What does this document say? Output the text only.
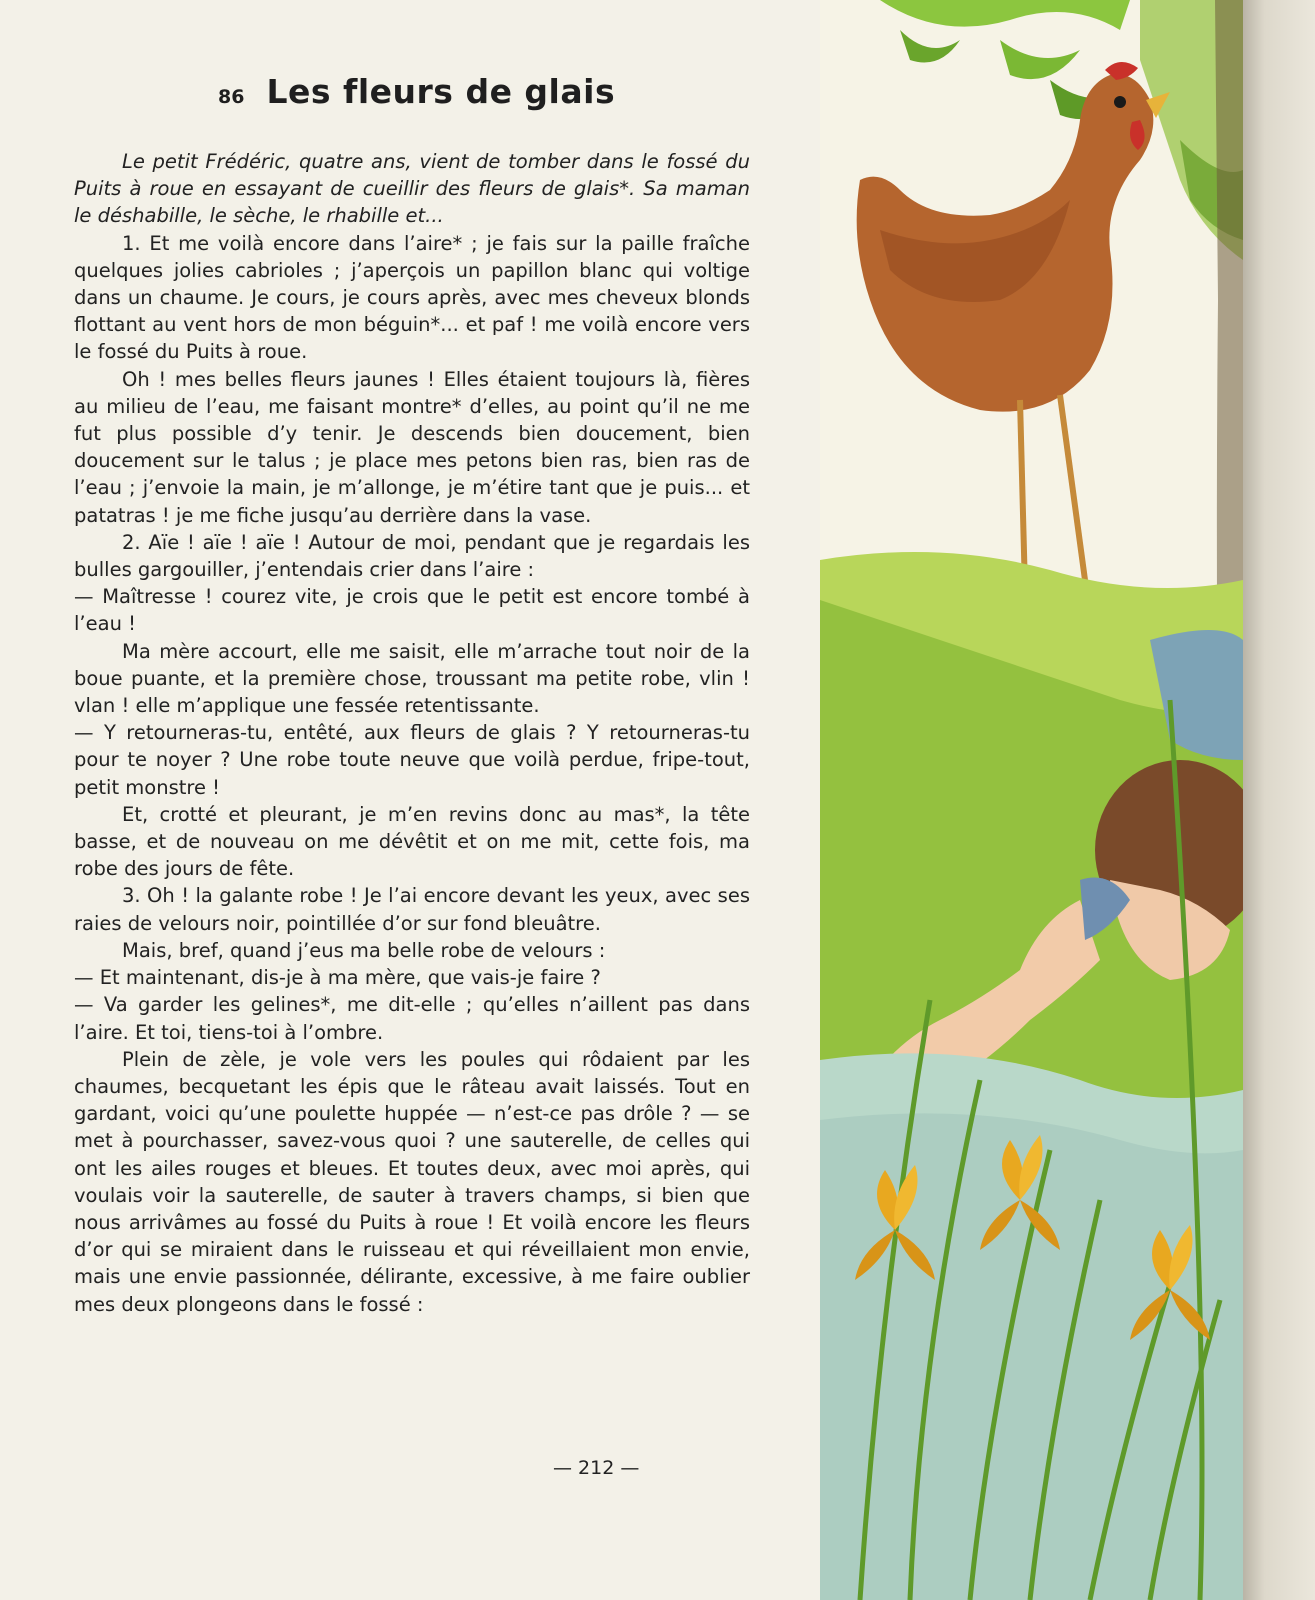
86 Les fleurs de glais

Le petit Frédéric, quatre ans, vient de tomber dans le fossé du Puits à roue en essayant de cueillir des fleurs de glais*. Sa maman le déshabille, le sèche, le rhabille et...

1. Et me voilà encore dans l’aire* ; je fais sur la paille fraîche quelques jolies cabrioles ; j’aperçois un papillon blanc qui voltige dans un chaume. Je cours, je cours après, avec mes cheveux blonds flottant au vent hors de mon béguin*... et paf ! me voilà encore vers le fossé du Puits à roue.

Oh ! mes belles fleurs jaunes ! Elles étaient toujours là, fières au milieu de l’eau, me faisant montre* d’elles, au point qu’il ne me fut plus possible d’y tenir. Je descends bien doucement, bien doucement sur le talus ; je place mes petons bien ras, bien ras de l’eau ; j’envoie la main, je m’allonge, je m’étire tant que je puis... et patatras ! je me fiche jusqu’au derrière dans la vase.

2. Aïe ! aïe ! aïe ! Autour de moi, pendant que je regardais les bulles gargouiller, j’entendais crier dans l’aire :

— Maîtresse ! courez vite, je crois que le petit est encore tombé à l’eau !

Ma mère accourt, elle me saisit, elle m’arrache tout noir de la boue puante, et la première chose, troussant ma petite robe, vlin ! vlan ! elle m’applique une fessée retentissante.

— Y retourneras-tu, entêté, aux fleurs de glais ? Y retourneras-tu pour te noyer ? Une robe toute neuve que voilà perdue, fripe-tout, petit monstre !

Et, crotté et pleurant, je m’en revins donc au mas*, la tête basse, et de nouveau on me dévêtit et on me mit, cette fois, ma robe des jours de fête.

3. Oh ! la galante robe ! Je l’ai encore devant les yeux, avec ses raies de velours noir, pointillée d’or sur fond bleuâtre.

Mais, bref, quand j’eus ma belle robe de velours :

— Et maintenant, dis-je à ma mère, que vais-je faire ?

— Va garder les gelines*, me dit-elle ; qu’elles n’aillent pas dans l’aire. Et toi, tiens-toi à l’ombre.

Plein de zèle, je vole vers les poules qui rôdaient par les chaumes, becquetant les épis que le râteau avait laissés. Tout en gardant, voici qu’une poulette huppée — n’est-ce pas drôle ? — se met à pourchasser, savez-vous quoi ? une sauterelle, de celles qui ont les ailes rouges et bleues. Et toutes deux, avec moi après, qui voulais voir la sauterelle, de sauter à travers champs, si bien que nous arrivâmes au fossé du Puits à roue ! Et voilà encore les fleurs d’or qui se miraient dans le ruisseau et qui réveillaient mon envie, mais une envie passionnée, délirante, excessive, à me faire oublier mes deux plongeons dans le fossé :

— 212 —
